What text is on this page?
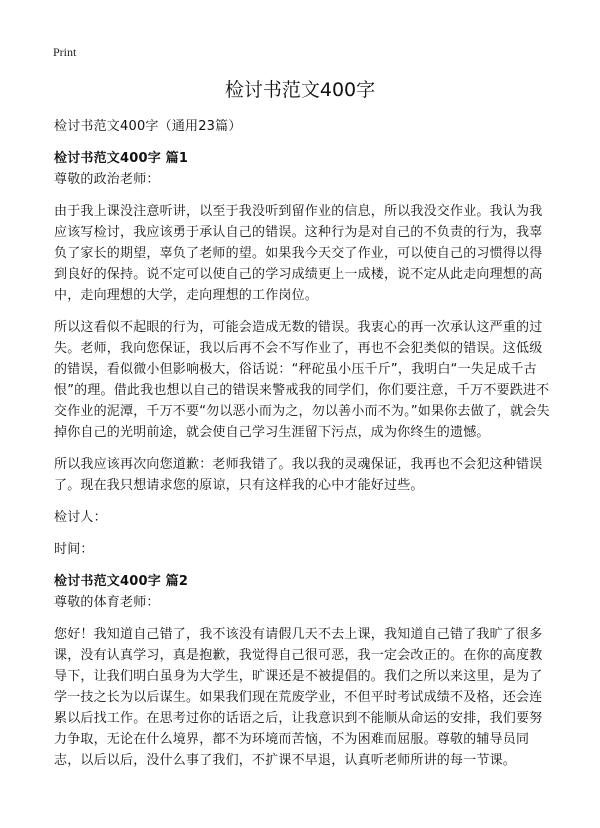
Print
检讨书范文400字

检讨书范文400字（通用23篇）

检讨书范文400字 篇1

尊敬的政治老师：

由于我上课没注意听讲，以至于我没听到留作业的信息，所以我没交作业。我认为我应该写检讨，我应该勇于承认自己的错误。这种行为是对自己的不负责的行为，我辜负了家长的期望，辜负了老师的望。如果我今天交了作业，可以使自己的习惯得以得到良好的保持。说不定可以使自己的学习成绩更上一成楼，说不定从此走向理想的高中，走向理想的大学，走向理想的工作岗位。

所以这看似不起眼的行为，可能会造成无数的错误。我衷心的再一次承认这严重的过失。老师，我向您保证，我以后再不会不写作业了，再也不会犯类似的错误。这低级的错误，看似微小但影响极大，俗话说：“秤砣虽小压千斤”，我明白“一失足成千古恨”的理。借此我也想以自己的错误来警戒我的同学们，你们要注意，千万不要跌进不交作业的泥潭，千万不要“勿以恶小而为之，勿以善小而不为。”如果你去做了，就会失掉你自己的光明前途，就会使自己学习生涯留下污点，成为你终生的遗憾。

所以我应该再次向您道歉：老师我错了。我以我的灵魂保证，我再也不会犯这种错误了。现在我只想请求您的原谅，只有这样我的心中才能好过些。

检讨人：

时间：

检讨书范文400字 篇2

尊敬的体育老师：

您好！我知道自己错了，我不该没有请假几天不去上课，我知道自己错了我旷了很多课，没有认真学习，真是抱歉，我觉得自己很可恶，我一定会改正的。在你的高度教导下，让我们明白虽身为大学生，旷课还是不被提倡的。我们之所以来这里，是为了学一技之长为以后谋生。如果我们现在荒废学业，不但平时考试成绩不及格，还会连累以后找工作。在思考过你的话语之后，让我意识到不能顺从命运的安排，我们要努力争取，无论在什么境界，都不为环境而苦恼，不为困难而屈服。尊敬的辅导员同志，以后以后，没什么事了我们，不扩课不早退，认真听老师所讲的每一节课。
